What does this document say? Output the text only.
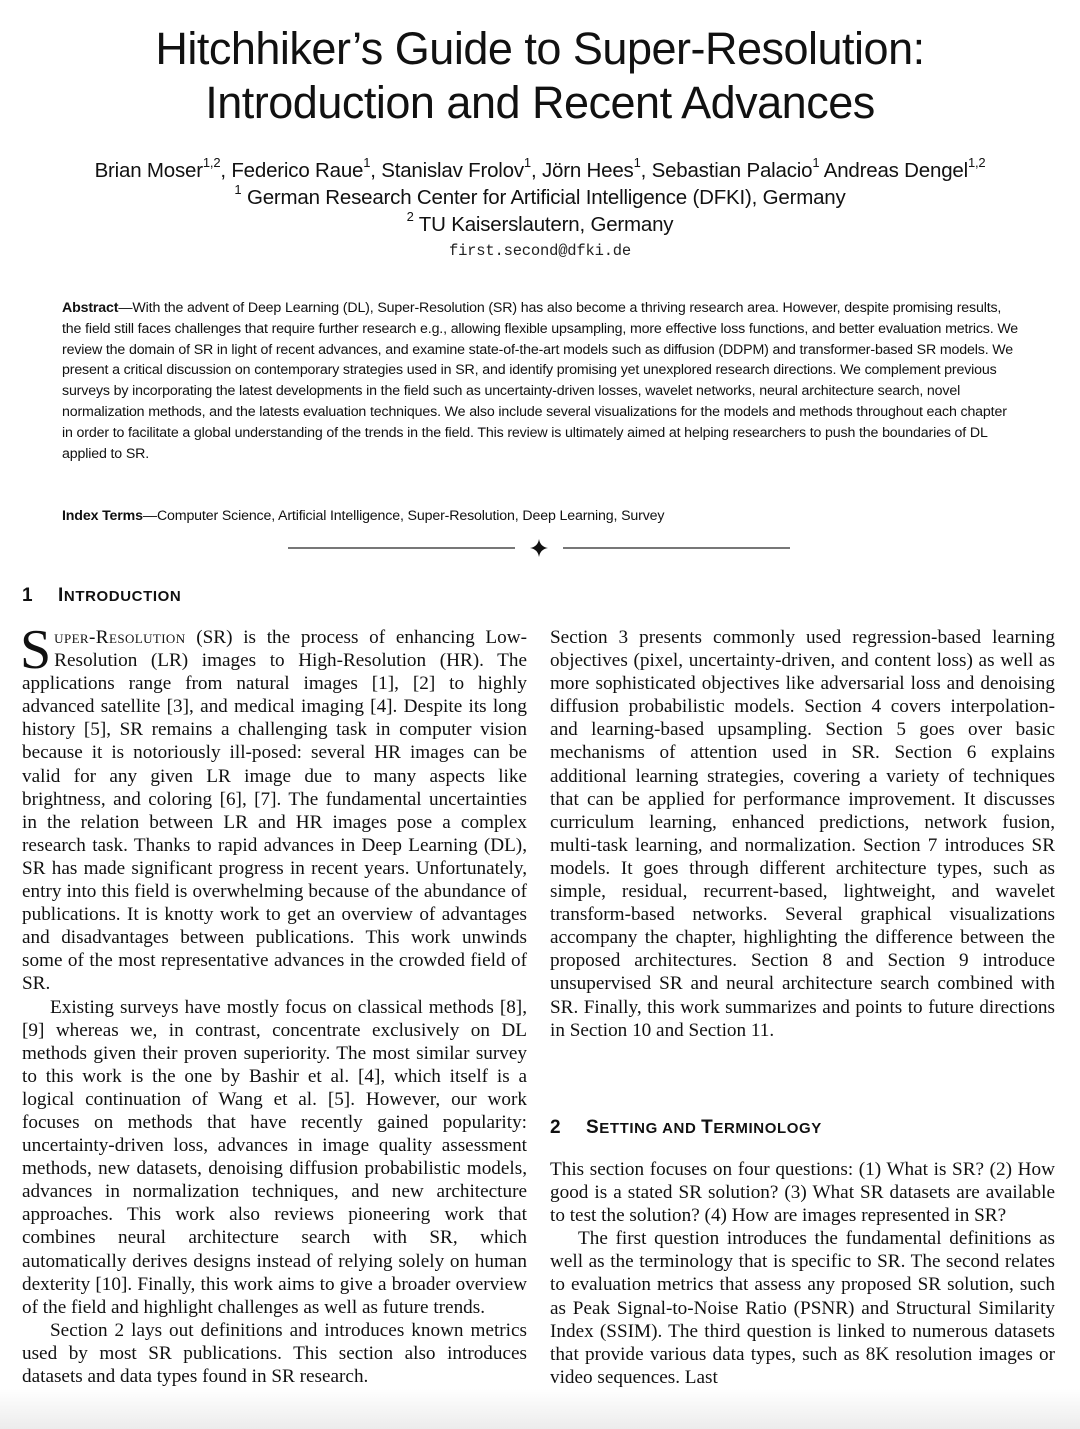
Hitchhiker’s Guide to Super-Resolution:
Introduction and Recent Advances
Brian Moser$^{1,2}$, Federico Raue$^1$, Stanislav Frolov$^1$, Jörn Hees$^1$, Sebastian Palacio$^1$ Andreas Dengel$^{1,2}$
$^1$ German Research Center for Artificial Intelligence (DFKI), Germany
$^2$ TU Kaiserslautern, Germany
first.second@dfki.de
Abstract—With the advent of Deep Learning (DL), Super-Resolution (SR) has also become a thriving research area. However, despite promising results, the field still faces challenges that require further research e.g., allowing flexible upsampling, more effective loss functions, and better evaluation metrics. We review the domain of SR in light of recent advances, and examine state-of-the-art models such as diffusion (DDPM) and transformer-based SR models. We present a critical discussion on contemporary strategies used in SR, and identify promising yet unexplored research directions. We complement previous surveys by incorporating the latest developments in the field such as uncertainty-driven losses, wavelet networks, neural architecture search, novel normalization methods, and the latests evaluation techniques. We also include several visualizations for the models and methods throughout each chapter in order to facilitate a global understanding of the trends in the field. This review is ultimately aimed at helping researchers to push the boundaries of DL applied to SR.
Index Terms—Computer Science, Artificial Intelligence, Super-Resolution, Deep Learning, Survey
1 INTRODUCTION

Super-Resolution (SR) is the process of enhancing Low-Resolution (LR) images to High-Resolution (HR). The applications range from natural images [1], [2] to highly advanced satellite [3], and medical imaging [4]. Despite its long history [5], SR remains a challenging task in computer vision because it is notoriously ill-posed: several HR images can be valid for any given LR image due to many aspects like brightness, and coloring [6], [7]. The fundamental uncertainties in the relation between LR and HR images pose a complex research task. Thanks to rapid advances in Deep Learning (DL), SR has made significant progress in recent years. Unfortunately, entry into this field is overwhelming because of the abundance of publications. It is knotty work to get an overview of advantages and disadvantages between publications. This work unwinds some of the most representative advances in the crowded field of SR.

Existing surveys have mostly focus on classical methods [8], [9] whereas we, in contrast, concentrate exclusively on DL methods given their proven superiority. The most similar survey to this work is the one by Bashir et al. [4], which itself is a logical continuation of Wang et al. [5]. However, our work focuses on methods that have recently gained popularity: uncertainty-driven loss, advances in image quality assessment methods, new datasets, denoising diffusion probabilistic models, advances in normalization techniques, and new architecture approaches. This work also reviews pioneering work that combines neural architecture search with SR, which automatically derives designs instead of relying solely on human dexterity [10]. Finally, this work aims to give a broader overview of the field and highlight challenges as well as future trends.

Section 2 lays out definitions and introduces known metrics used by most SR publications. This section also introduces datasets and data types found in SR research.

Section 3 presents commonly used regression-based learning objectives (pixel, uncertainty-driven, and content loss) as well as more sophisticated objectives like adversarial loss and denoising diffusion probabilistic models. Section 4 covers interpolation- and learning-based upsampling. Section 5 goes over basic mechanisms of attention used in SR. Section 6 explains additional learning strategies, covering a variety of techniques that can be applied for performance improvement. It discusses curriculum learning, enhanced predictions, network fusion, multi-task learning, and normalization. Section 7 introduces SR models. It goes through different architecture types, such as simple, residual, recurrent-based, lightweight, and wavelet transform-based networks. Several graphical visualizations accompany the chapter, highlighting the difference between the proposed architectures. Section 8 and Section 9 introduce unsupervised SR and neural architecture search combined with SR. Finally, this work summarizes and points to future directions in Section 10 and Section 11.

2 SETTING AND TERMINOLOGY

This section focuses on four questions: (1) What is SR? (2) How good is a stated SR solution? (3) What SR datasets are available to test the solution? (4) How are images represented in SR?

The first question introduces the fundamental definitions as well as the terminology that is specific to SR. The second relates to evaluation metrics that assess any proposed SR solution, such as Peak Signal-to-Noise Ratio (PSNR) and Structural Similarity Index (SSIM). The third question is linked to numerous datasets that provide various data types, such as 8K resolution images or video sequences. Last
